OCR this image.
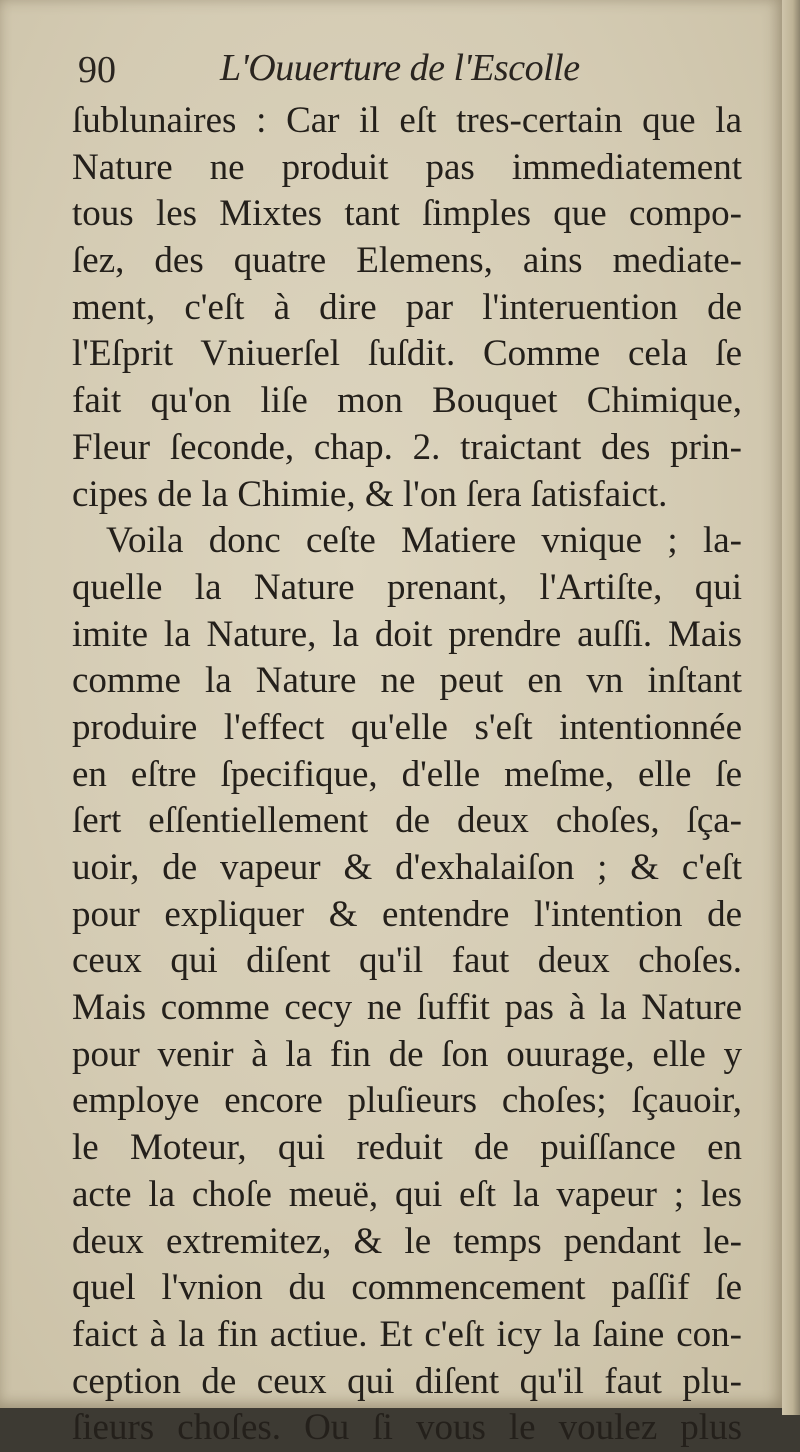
90	L'Ouuerture de l'Escolle
ſublunaires : Car il eſt tres-certain que la
Nature ne produit pas immediatement
tous les Mixtes tant ſimples que compo-
ſez, des quatre Elemens, ains mediate-
ment, c'eſt à dire par l'interuention de
l'Eſprit Vniuerſel ſuſdit. Comme cela ſe
fait qu'on liſe mon Bouquet Chimique,
Fleur ſeconde, chap. 2. traictant des prin-
cipes de la Chimie, & l'on ſera ſatisfaict.
Voila donc ceſte Matiere vnique ; la-
quelle la Nature prenant, l'Artiſte, qui
imite la Nature, la doit prendre auſſi. Mais
comme la Nature ne peut en vn inſtant
produire l'effect qu'elle s'eſt intentionnée
en eſtre ſpecifique, d'elle meſme, elle ſe
ſert eſſentiellement de deux choſes, ſça-
uoir, de vapeur & d'exhalaiſon ; & c'eſt
pour expliquer & entendre l'intention de
ceux qui diſent qu'il faut deux choſes.
Mais comme cecy ne ſuffit pas à la Nature
pour venir à la fin de ſon ouurage, elle y
employe encore pluſieurs choſes; ſçauoir,
le Moteur, qui reduit de puiſſance en
acte la choſe meuë, qui eſt la vapeur ; les
deux extremitez, & le temps pendant le-
quel l'vnion du commencement paſſif ſe
faict à la fin actiue. Et c'eſt icy la ſaine con-
ception de ceux qui diſent qu'il faut plu-
ſieurs choſes. Ou ſi vous le voulez plus
